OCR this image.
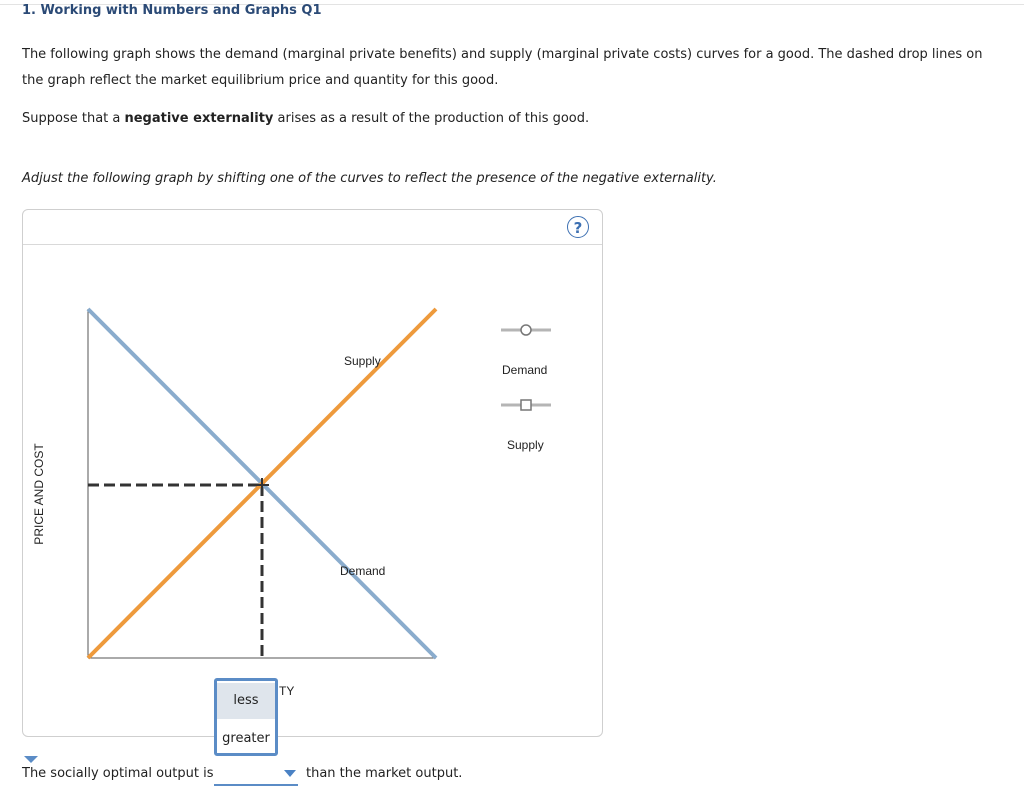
1. Working with Numbers and Graphs Q1
The following graph shows the demand (marginal private benefits) and supply (marginal private costs) curves for a good. The dashed drop lines on the graph reflect the market equilibrium price and quantity for this good.
Suppose that a negative externality arises as a result of the production of this good.
Adjust the following graph by shifting one of the curves to reflect the presence of the negative externality.
?
PRICE AND COST
TY
Supply
Demand
Demand
Supply
less
greater
The socially optimal output is	than the market output.
